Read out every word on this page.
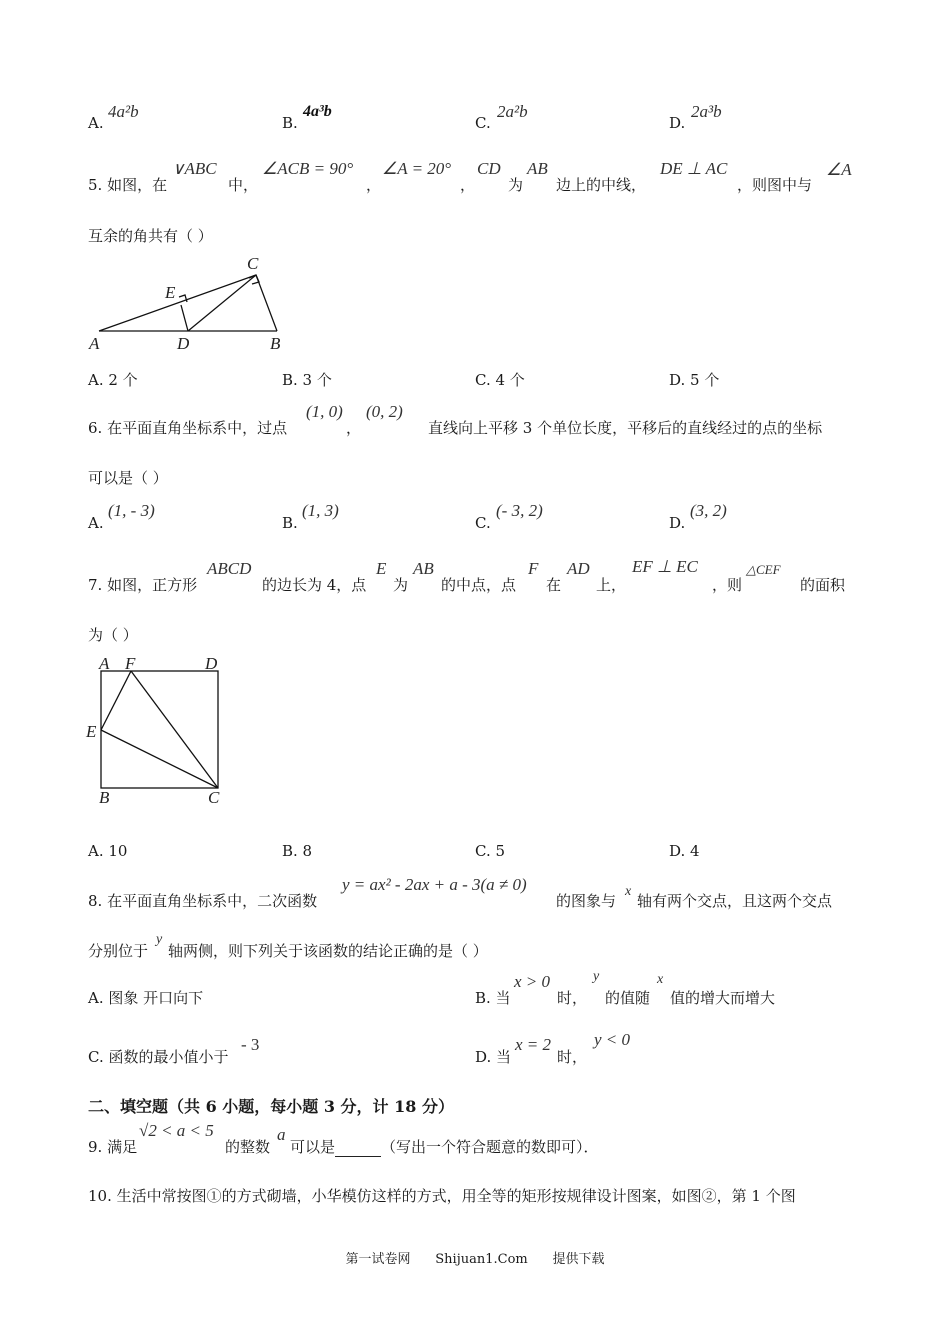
A.
4a²b
B.
4a³b
C.
2a²b
D.
2a³b
5. 如图，在
∨ABC
中，
∠ACB = 90°
，
∠A = 20°
，
CD
为
AB
边上的中线，
DE ⊥ AC
，则图中与
∠A
互余的角共有（ ）
C
E
A	D	B
A. 2 个	B. 3 个	C. 4 个	D. 5 个
6. 在平面直角坐标系中，过点
(1, 0)
，
(0, 2)
直线向上平移 3 个单位长度，平移后的直线经过的点的坐标
可以是（ ）
A.
(1, - 3)
B.
(1, 3)
C.
(- 3, 2)
D.
(3, 2)
7. 如图，正方形
ABCD
的边长为 4，点
E
为
AB
的中点，点
F
在
AD
上，
EF ⊥ EC
，则
△CEF
的面积
为（ ）
A F	D
E
B	C
A. 10	B. 8	C. 5	D. 4
8. 在平面直角坐标系中，二次函数
y = ax² - 2ax + a - 3(a ≠ 0)
的图象与
x
轴有两个交点，且这两个交点
分别位于
y
轴两侧，则下列关于该函数的结论正确的是（ ）
A. 图象 开口向下	B. 当
x > 0
时，
y
的值随
x
值的增大而增大
C. 函数的最小值小于
- 3
D. 当
x = 2
时，
y < 0
二、填空题（共 6 小题，每小题 3 分，计 18 分）
9. 满足
√2 < a < 5
的整数
a
可以是	（写出一个符合题意的数即可）．
10. 生活中常按图①的方式砌墙，小华模仿这样的方式，用全等的矩形按规律设计图案，如图②，第 1 个图
第一试卷网      Shijuan1.Com      提供下载
